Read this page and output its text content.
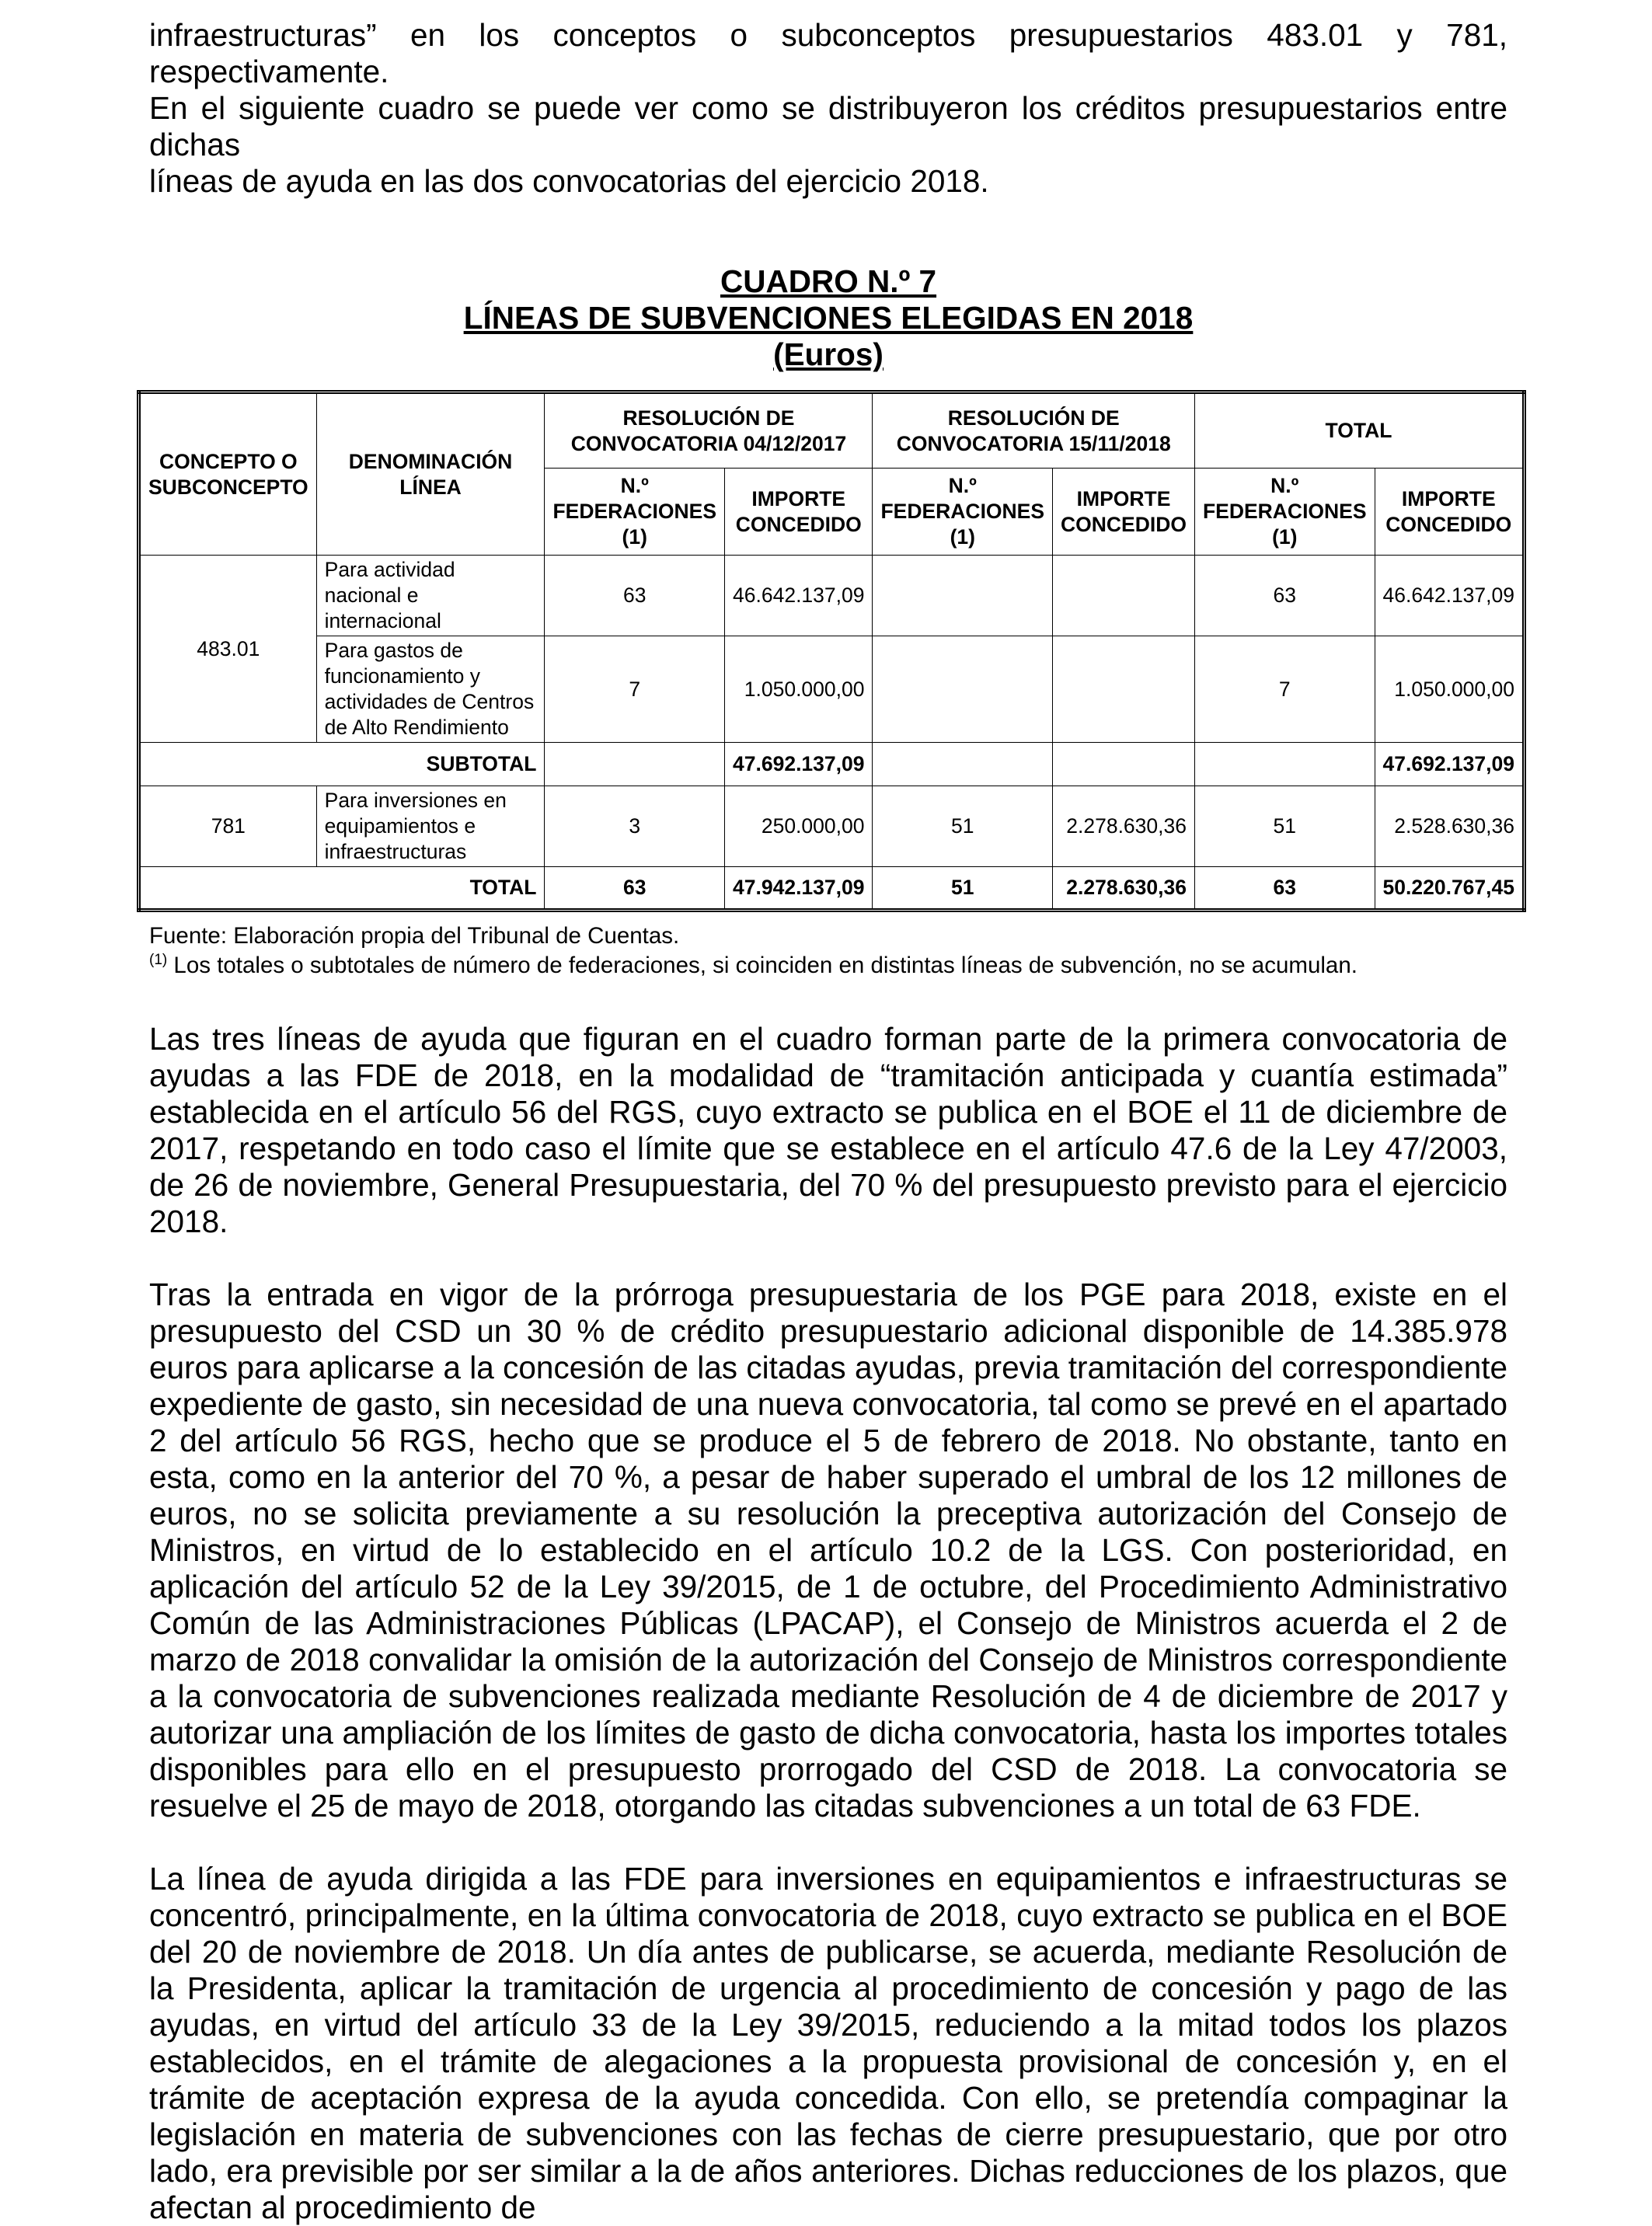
infraestructuras” en los conceptos o subconceptos presupuestarios 483.01 y 781, respectivamente.
En el siguiente cuadro se puede ver como se distribuyeron los créditos presupuestarios entre dichas
líneas de ayuda en las dos convocatorias del ejercicio 2018.

CUADRO N.º 7
LÍNEAS DE SUBVENCIONES ELEGIDAS EN 2018
(Euros)
CONCEPTO O SUBCONCEPTO	DENOMINACIÓN LÍNEA	RESOLUCIÓN DE CONVOCATORIA 04/12/2017		RESOLUCIÓN DE CONVOCATORIA 15/11/2018		TOTAL	
		N.º FEDERACIONES (1)	IMPORTE CONCEDIDO	N.º FEDERACIONES (1)	IMPORTE CONCEDIDO	N.º FEDERACIONES (1)	IMPORTE CONCEDIDO
483.01	Para actividad nacional e internacional	63	46.642.137,09			63	46.642.137,09
	Para gastos de funcionamiento y actividades de Centros de Alto Rendimiento	7	1.050.000,00			7	1.050.000,00
SUBTOTAL			47.692.137,09				47.692.137,09
781	Para inversiones en equipamientos e infraestructuras	3	250.000,00	51	2.278.630,36	51	2.528.630,36
TOTAL		63	47.942.137,09	51	2.278.630,36	63	50.220.767,45
Fuente: Elaboración propia del Tribunal de Cuentas.
$^{(1)}$ Los totales o subtotales de número de federaciones, si coinciden en distintas líneas de subvención, no se acumulan.

Las tres líneas de ayuda que figuran en el cuadro forman parte de la primera convocatoria de ayudas a las FDE de 2018, en la modalidad de “tramitación anticipada y cuantía estimada” establecida en el artículo 56 del RGS, cuyo extracto se publica en el BOE el 11 de diciembre de 2017, respetando en todo caso el límite que se establece en el artículo 47.6 de la Ley 47/2003, de 26 de noviembre, General Presupuestaria, del 70 % del presupuesto previsto para el ejercicio 2018.

Tras la entrada en vigor de la prórroga presupuestaria de los PGE para 2018, existe en el presupuesto del CSD un 30 % de crédito presupuestario adicional disponible de 14.385.978 euros para aplicarse a la concesión de las citadas ayudas, previa tramitación del correspondiente expediente de gasto, sin necesidad de una nueva convocatoria, tal como se prevé en el apartado 2 del artículo 56 RGS, hecho que se produce el 5 de febrero de 2018. No obstante, tanto en esta, como en la anterior del 70 %, a pesar de haber superado el umbral de los 12 millones de euros, no se solicita previamente a su resolución la preceptiva autorización del Consejo de Ministros, en virtud de lo establecido en el artículo 10.2 de la LGS. Con posterioridad, en aplicación del artículo 52 de la Ley 39/2015, de 1 de octubre, del Procedimiento Administrativo Común de las Administraciones Públicas (LPACAP), el Consejo de Ministros acuerda el 2 de marzo de 2018 convalidar la omisión de la autorización del Consejo de Ministros correspondiente a la convocatoria de subvenciones realizada mediante Resolución de 4 de diciembre de 2017 y autorizar una ampliación de los límites de gasto de dicha convocatoria, hasta los importes totales disponibles para ello en el presupuesto prorrogado del CSD de 2018. La convocatoria se resuelve el 25 de mayo de 2018, otorgando las citadas subvenciones a un total de 63 FDE.

La línea de ayuda dirigida a las FDE para inversiones en equipamientos e infraestructuras se concentró, principalmente, en la última convocatoria de 2018, cuyo extracto se publica en el BOE del 20 de noviembre de 2018. Un día antes de publicarse, se acuerda, mediante Resolución de la Presidenta, aplicar la tramitación de urgencia al procedimiento de concesión y pago de las ayudas, en virtud del artículo 33 de la Ley 39/2015, reduciendo a la mitad todos los plazos establecidos, en el trámite de alegaciones a la propuesta provisional de concesión y, en el trámite de aceptación expresa de la ayuda concedida. Con ello, se pretendía compaginar la legislación en materia de subvenciones con las fechas de cierre presupuestario, que por otro lado, era previsible por ser similar a la de años anteriores. Dichas reducciones de los plazos, que afectan al procedimiento de
